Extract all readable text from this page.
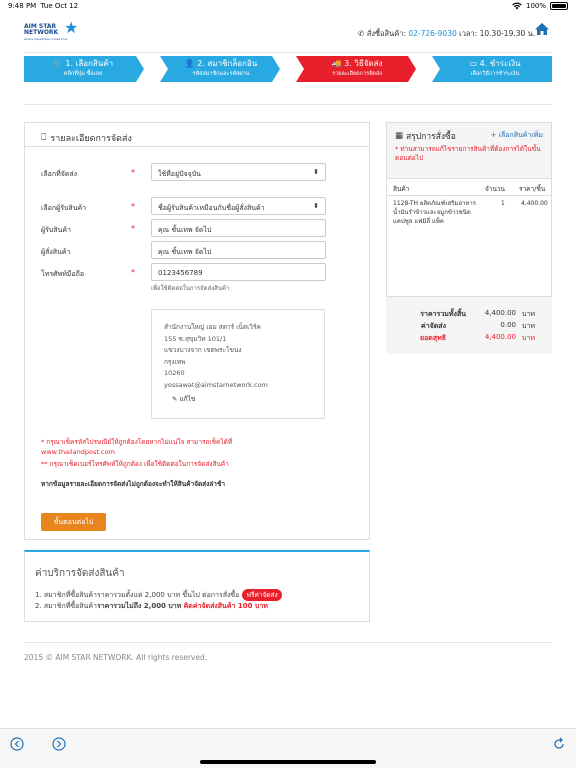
9:48 PM Tue Oct 12	100%
AIM STAR
NETWORK ★
where happiness comes true
✆ สั่งซื้อสินค้า: 02-726-9030 เวลา: 10.30-19.30 น.
🛒 1. เลือกสินค้า
คลิกที่ปุ่ม ซื้อเลย
👤 2. สมาชิกล็อกอิน
รหัสสมาชิกและรหัสผ่าน
🚚 3. วิธีจัดส่ง
รายละเอียดการจัดส่ง
▭ 4. ชำระเงิน
เลือกวิธีการชำระเงิน
⎕ รายละเอียดการจัดส่ง
เลือกที่จัดส่ง	*	ใช้ที่อยู่ปัจจุบัน ⬍
เลือกผู้รับสินค้า	*	ชื่อผู้รับสินค้าเหมือนกับชื่อผู้สั่งสินค้า ⬍
ผู้รับสินค้า	*	คุณ ชั้นเทพ จัดไป
ผู้สั่งสินค้า	คุณ ชั้นเทพ จัดไป
โทรศัพท์มือถือ	*	0123456789
เพื่อใช้ติดต่อในการจัดส่งสินค้า
สำนักงานใหญ่ เอม สตาร์ เน็ตเวิร์ค
155 ซ.สุขุมวิท 101/1
แขวงบางจาก เขตพระโขนง
กรุงเทพ
10260
yossawat@aimstarnetwork.com
✎ แก้ไข
* กรุณาเช็ครหัสไปรษณีย์ให้ถูกต้องโดยหากไม่แน่ใจ สามารถเช็คได้ที่
www.thailandpost.com
** กรุณาเช็คเบอร์โทรศัพท์ให้ถูกต้อง เพื่อใช้ติดต่อในการจัดส่งสินค้า
หากข้อมูลรายละเอียดการจัดส่งไม่ถูกต้องจะทำให้สินค้าจัดส่งล่าช้า
ขั้นตอนต่อไป
ค่าบริการจัดส่งสินค้า
1. สมาชิกที่ซื้อสินค้าราคารวมตั้งแต่ 2,000 บาท ขึ้นไป ต่อการสั่งซื้อ ฟรีค่าจัดส่ง
2. สมาชิกที่ซื้อสินค้าราคารวมไม่ถึง 2,000 บาท คิดค่าจัดส่งสินค้า 100 บาท
▦ สรุปการสั่งซื้อ	+ เลือกสินค้าเพิ่ม
* ท่านสามารถแก้ไขรายการสินค้าที่ต้องการได้ในขั้นตอนต่อไป
สินค้า	จำนวน ราคา/ชิ้น
1128-TH ผลิตภัณฑ์เสริมอาหาร น้ำมันรำข้าวและจมูกข้าวชนิดแคปซูล แฟมิลี่ แพ็ค
1	4,400.00
ราคารวมทั้งสิ้น	4,400.00 บาท
ค่าจัดส่ง	0.00 บาท
ยอดสุทธิ	4,400.00 บาท
2015 © AIM STAR NETWORK. All rights reserved.
